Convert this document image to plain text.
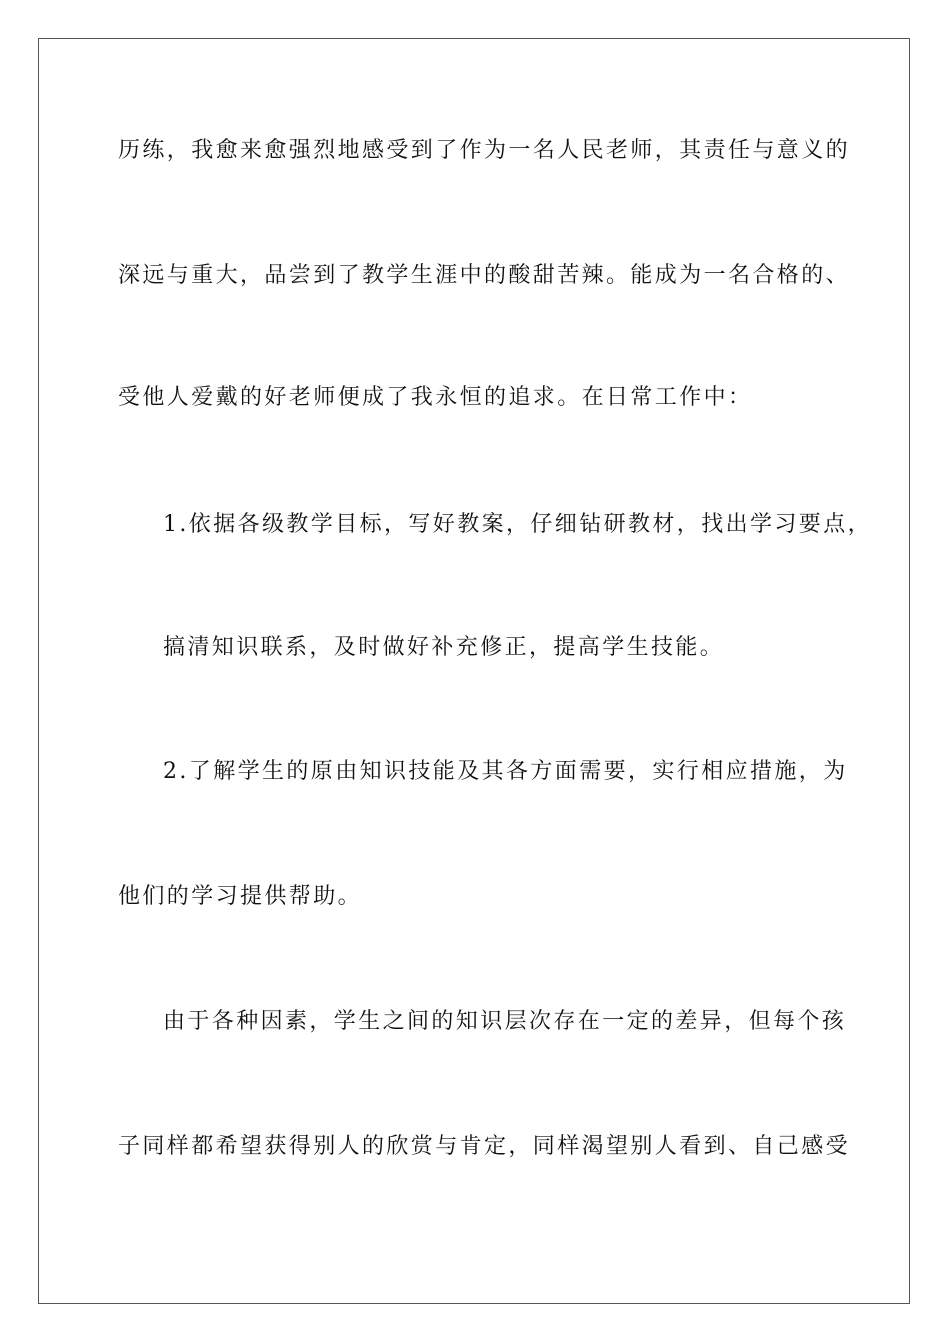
历练，我愈来愈强烈地感受到了作为一名人民老师，其责任与意义的
深远与重大，品尝到了教学生涯中的酸甜苦辣。能成为一名合格的、
受他人爱戴的好老师便成了我永恒的追求。在日常工作中：
1.依据各级教学目标，写好教案，仔细钻研教材，找出学习要点，
搞清知识联系，及时做好补充修正，提高学生技能。
2.了解学生的原由知识技能及其各方面需要，实行相应措施，为
他们的学习提供帮助。
由于各种因素，学生之间的知识层次存在一定的差异，但每个孩
子同样都希望获得别人的欣赏与肯定，同样渴望别人看到、自己感受
